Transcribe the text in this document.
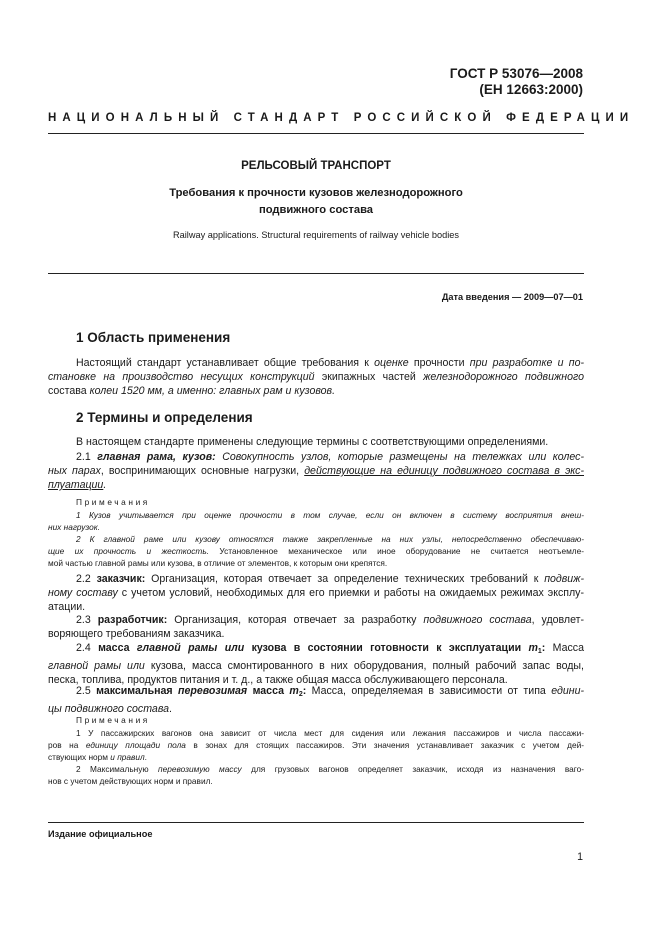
ГОСТ Р 53076—2008
(ЕН 12663:2000)
НАЦИОНАЛЬНЫЙ СТАНДАРТ РОССИЙСКОЙ ФЕДЕРАЦИИ
РЕЛЬСОВЫЙ ТРАНСПОРТ
Требования к прочности кузовов железнодорожного
подвижного состава
Railway applications. Structural requirements of railway vehicle bodies
Дата введения — 2009—07—01
1 Область применения
Настоящий стандарт устанавливает общие требования к оценке прочности при разработке и по-
становке на производство несущих конструкций экипажных частей железнодорожного подвижного
состава колеи 1520 мм, а именно: главных рам и кузовов.
2 Термины и определения
В настоящем стандарте применены следующие термины с соответствующими определениями.
2.1 главная рама, кузов: Совокупность узлов, которые размещены на тележках или колес-
ных парах, воспринимающих основные нагрузки, действующие на единицу подвижного состава в экс-
плуатации.
Примечания
1 Кузов учитывается при оценке прочности в том случае, если он включен в систему восприятия внеш-
них нагрузок.
2 К главной раме или кузову относятся также закрепленные на них узлы, непосредственно обеспечиваю-
щие их прочность и жесткость. Установленное механическое или иное оборудование не считается неотъемле-
мой частью главной рамы или кузова, в отличие от элементов, к которым они крепятся.
2.2 заказчик: Организация, которая отвечает за определение технических требований к подвиж-
ному составу с учетом условий, необходимых для его приемки и работы на ожидаемых режимах эксплу-
атации.
2.3 разработчик: Организация, которая отвечает за разработку подвижного состава, удовлет-
воряющего требованиям заказчика.
2.4 масса главной рамы или кузова в состоянии готовности к эксплуатации $m_1$: Масса
главной рамы или кузова, масса смонтированного в них оборудования, полный рабочий запас воды,
песка, топлива, продуктов питания и т. д., а также общая масса обслуживающего персонала.
2.5 максимальная перевозимая масса $m_2$: Масса, определяемая в зависимости от типа едини-
цы подвижного состава.
Примечания
1 У пассажирских вагонов она зависит от числа мест для сидения или лежания пассажиров и числа пассажи-
ров на единицу площади пола в зонах для стоящих пассажиров. Эти значения устанавливает заказчик с учетом дей-
ствующих норм и правил.
2 Максимальную перевозимую массу для грузовых вагонов определяет заказчик, исходя из назначения ваго-
нов с учетом действующих норм и правил.
Издание официальное
1
